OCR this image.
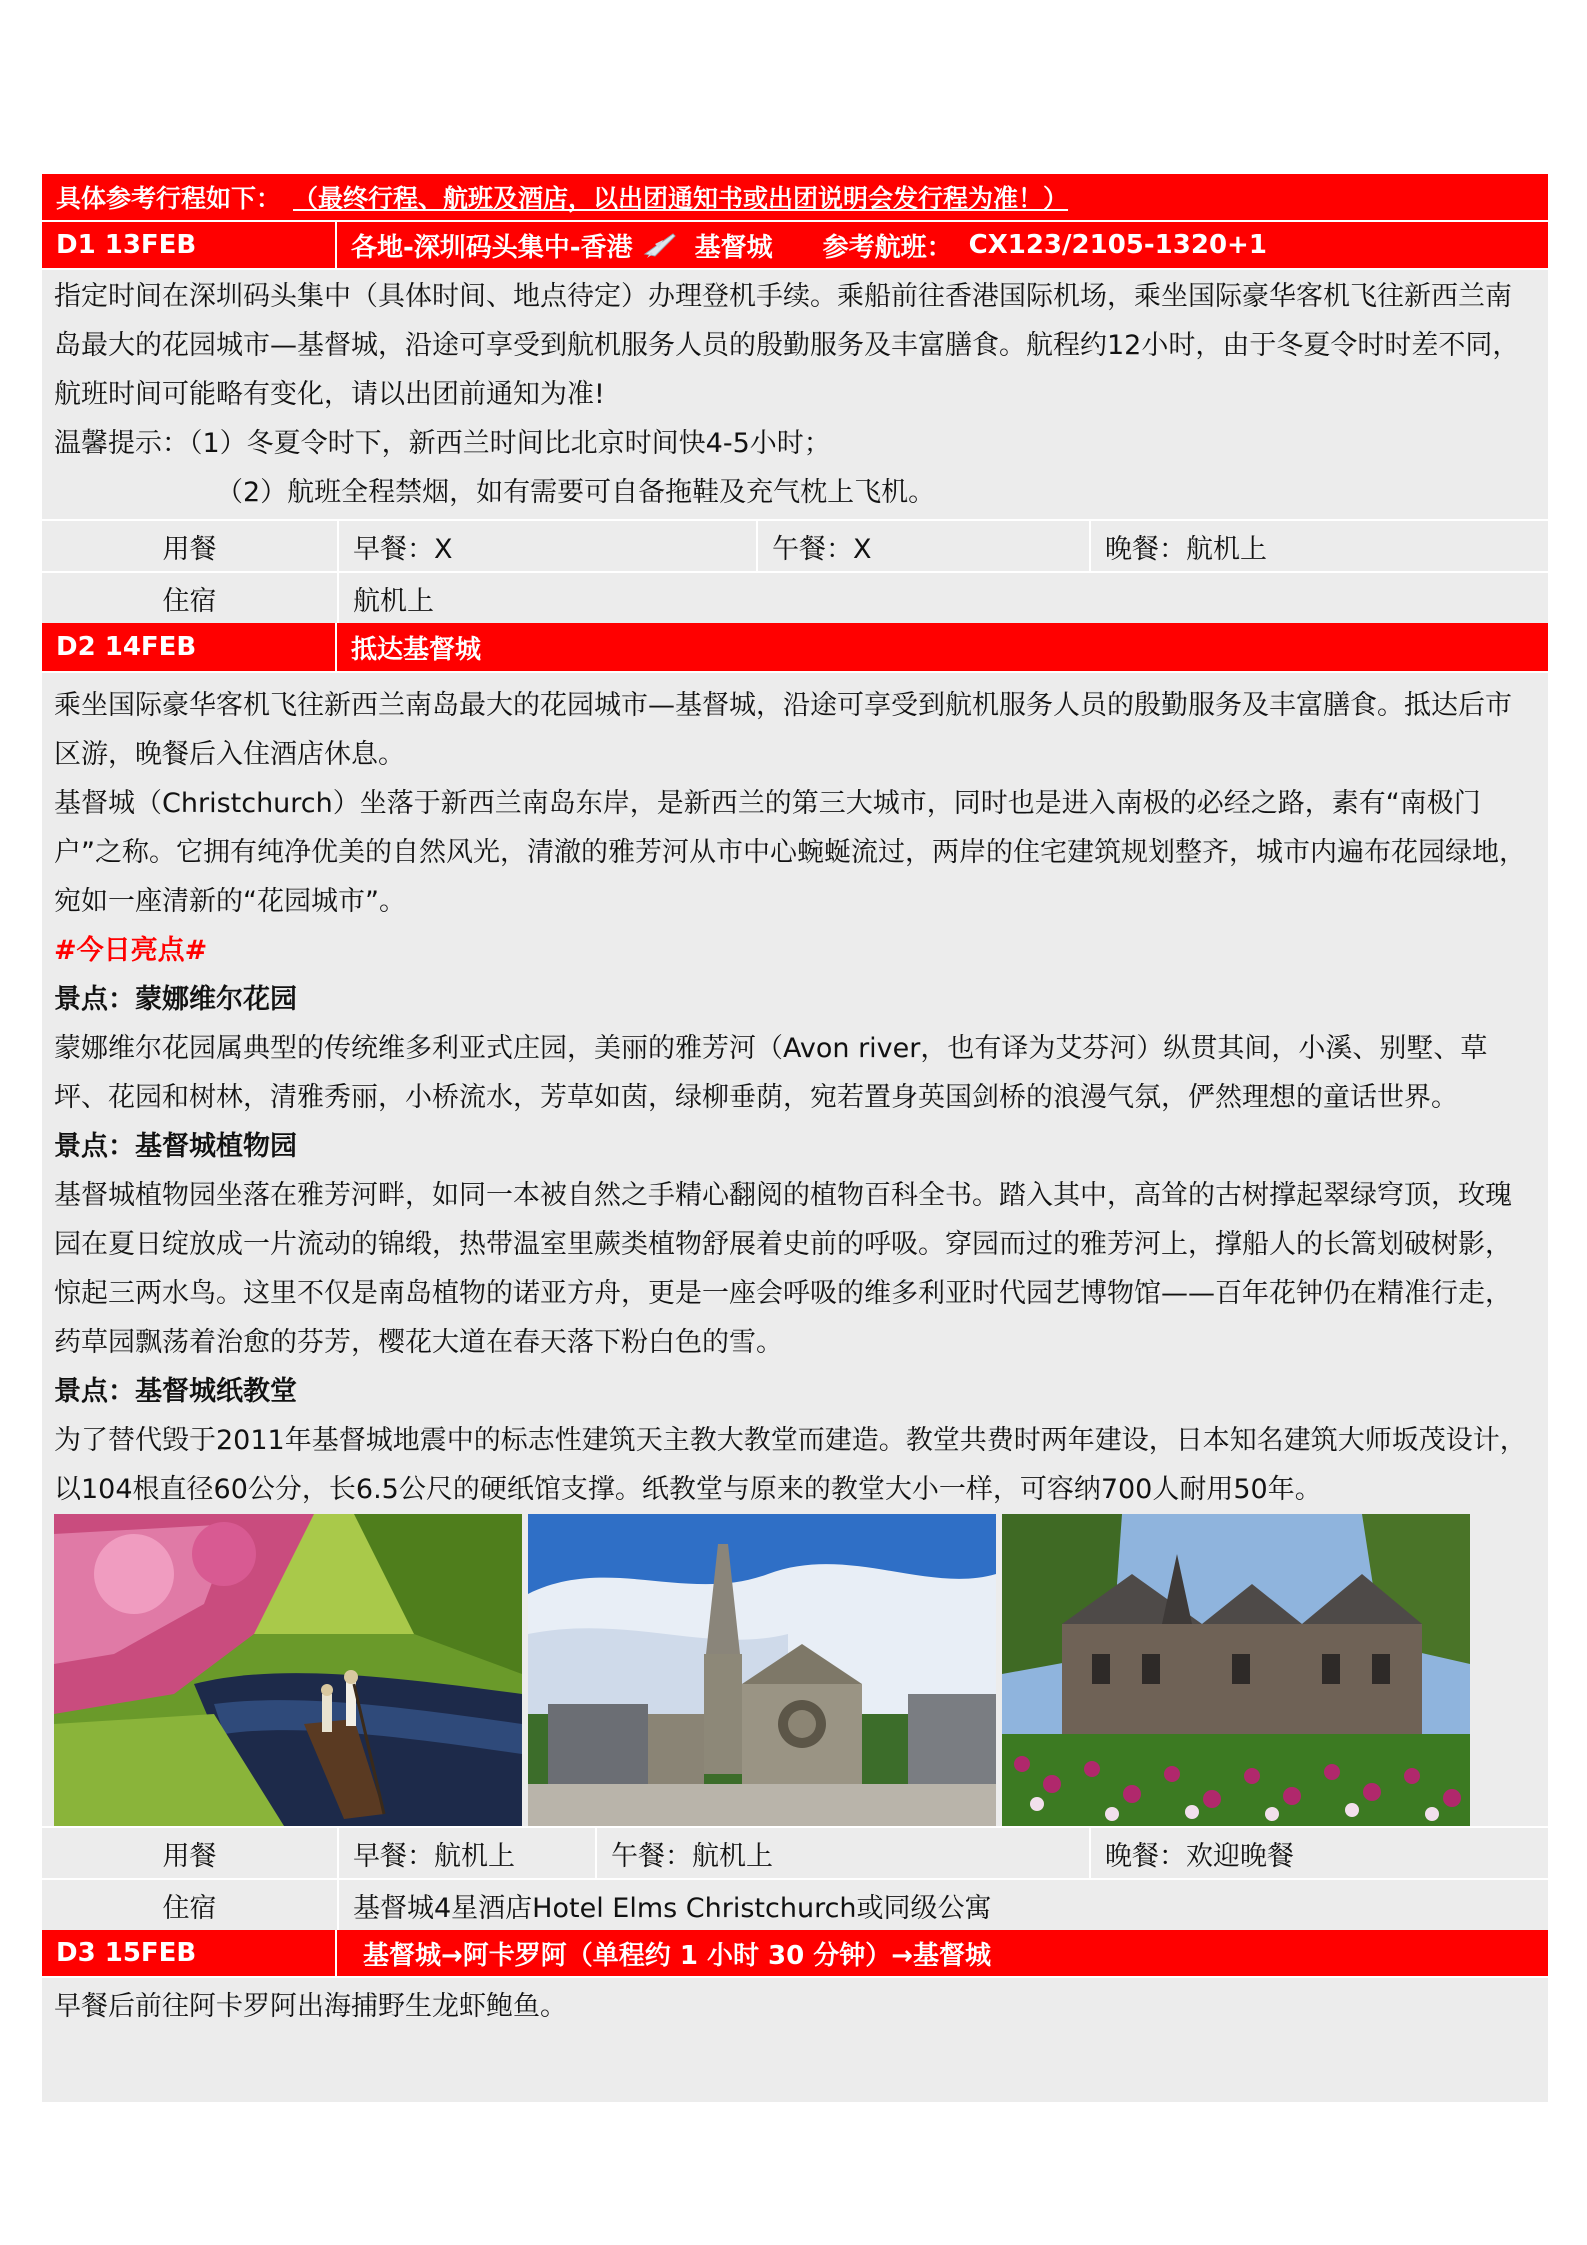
具体参考行程如下： （最终行程、航班及酒店，以出团通知书或出团说明会发行程为准！）
D1 13FEB	各地-深圳码头集中-香港 基督城 参考航班： CX123/2105-1320+1

指定时间在深圳码头集中（具体时间、地点待定）办理登机手续。乘船前往香港国际机场，乘坐国际豪华客机飞往新西兰南岛最大的花园城市—基督城，沿途可享受到航机服务人员的殷勤服务及丰富膳食。航程约12小时，由于冬夏令时时差不同，航班时间可能略有变化，请以出团前通知为准!

温馨提示：（1）冬夏令时下，新西兰时间比北京时间快4-5小时；

（2）航班全程禁烟，如有需要可自备拖鞋及充气枕上飞机。

用餐	早餐：X	午餐：X	晚餐：航机上
住宿	航机上
D2 14FEB	抵达基督城

乘坐国际豪华客机飞往新西兰南岛最大的花园城市—基督城，沿途可享受到航机服务人员的殷勤服务及丰富膳食。抵达后市区游，晚餐后入住酒店休息。

基督城（Christchurch）坐落于新西兰南岛东岸，是新西兰的第三大城市，同时也是进入南极的必经之路，素有“南极门户”之称。它拥有纯净优美的自然风光，清澈的雅芳河从市中心蜿蜒流过，两岸的住宅建筑规划整齐，城市内遍布花园绿地，宛如一座清新的“花园城市”。

#今日亮点#

景点：蒙娜维尔花园

蒙娜维尔花园属典型的传统维多利亚式庄园，美丽的雅芳河（Avon river，也有译为艾芬河）纵贯其间，小溪、别墅、草坪、花园和树林，清雅秀丽，小桥流水，芳草如茵，绿柳垂荫，宛若置身英国剑桥的浪漫气氛，俨然理想的童话世界。

景点：基督城植物园

基督城植物园坐落在雅芳河畔，如同一本被自然之手精心翻阅的植物百科全书。踏入其中，高耸的古树撑起翠绿穹顶，玫瑰园在夏日绽放成一片流动的锦缎，热带温室里蕨类植物舒展着史前的呼吸。穿园而过的雅芳河上，撑船人的长篙划破树影，惊起三两水鸟。这里不仅是南岛植物的诺亚方舟，更是一座会呼吸的维多利亚时代园艺博物馆——百年花钟仍在精准行走，药草园飘荡着治愈的芬芳，樱花大道在春天落下粉白色的雪。

景点：基督城纸教堂

为了替代毁于2011年基督城地震中的标志性建筑天主教大教堂而建造。教堂共费时两年建设，日本知名建筑大师坂茂设计，以104根直径60公分，长6.5公尺的硬纸馆支撑。纸教堂与原来的教堂大小一样，可容纳700人耐用50年。

用餐	早餐：航机上	午餐：航机上	晚餐：欢迎晚餐
住宿	基督城4星酒店Hotel Elms Christchurch或同级公寓
D3 15FEB	基督城→阿卡罗阿（单程约 1 小时 30 分钟）→基督城

早餐后前往阿卡罗阿出海捕野生龙虾鲍鱼。
